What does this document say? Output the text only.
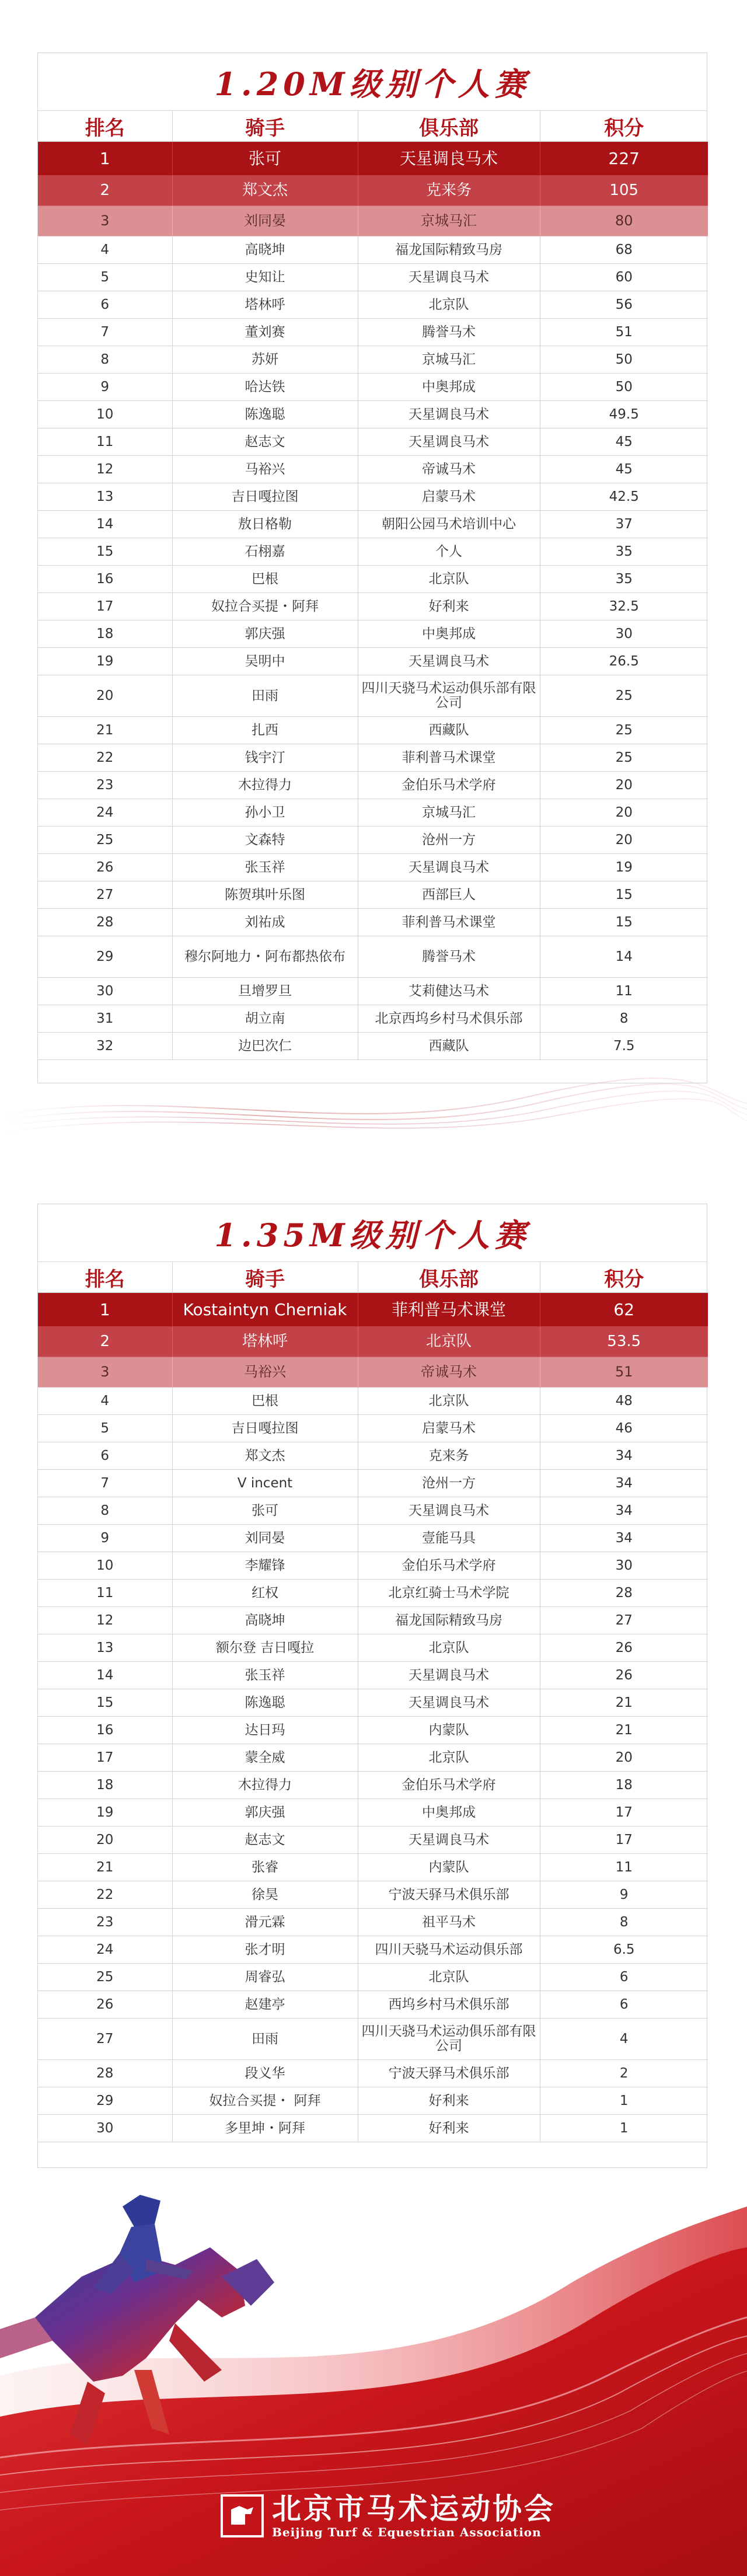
1.20M级别个人赛
排名	骑手	俱乐部	积分
1	张可	天星调良马术	227
2	郑文杰	克来务	105
3	刘同晏	京城马汇	80
4	高晓坤	福龙国际精致马房	68
5	史知让	天星调良马术	60
6	塔林呼	北京队	56
7	董刘赛	腾誉马术	51
8	苏妍	京城马汇	50
9	哈达铁	中奥邦成	50
10	陈逸聪	天星调良马术	49.5
11	赵志文	天星调良马术	45
12	马裕兴	帝诚马术	45
13	吉日嘎拉图	启蒙马术	42.5
14	敖日格勒	朝阳公园马术培训中心	37
15	石栩嘉	个人	35
16	巴根	北京队	35
17	奴拉合买提・阿拜	好利来	32.5
18	郭庆强	中奥邦成	30
19	吴明中	天星调良马术	26.5
20	田雨	四川天骁马术运动俱乐部有限公司	25
21	扎西	西藏队	25
22	钱宇汀	菲利普马术课堂	25
23	木拉得力	金伯乐马术学府	20
24	孙小卫	京城马汇	20
25	文森特	沧州一方	20
26	张玉祥	天星调良马术	19
27	陈贺琪叶乐图	西部巨人	15
28	刘祐成	菲利普马术课堂	15
29	穆尔阿地力・阿布都热依布	腾誉马术	14
30	旦增罗旦	艾莉健达马术	11
31	胡立南	北京西坞乡村马术俱乐部	8
32	边巴次仁	西藏队	7.5
1.35M级别个人赛
排名	骑手	俱乐部	积分
1	Kostaintyn Cherniak	菲利普马术课堂	62
2	塔林呼	北京队	53.5
3	马裕兴	帝诚马术	51
4	巴根	北京队	48
5	吉日嘎拉图	启蒙马术	46
6	郑文杰	克来务	34
7	V incent	沧州一方	34
8	张可	天星调良马术	34
9	刘同晏	壹能马具	34
10	李耀锋	金伯乐马术学府	30
11	红权	北京红骑士马术学院	28
12	高晓坤	福龙国际精致马房	27
13	额尔登 吉日嘎拉	北京队	26
14	张玉祥	天星调良马术	26
15	陈逸聪	天星调良马术	21
16	达日玛	内蒙队	21
17	蒙全威	北京队	20
18	木拉得力	金伯乐马术学府	18
19	郭庆强	中奥邦成	17
20	赵志文	天星调良马术	17
21	张睿	内蒙队	11
22	徐昊	宁波天驿马术俱乐部	9
23	滑元霖	祖平马术	8
24	张才明	四川天骁马术运动俱乐部	6.5
25	周睿弘	北京队	6
26	赵建亭	西坞乡村马术俱乐部	6
27	田雨	四川天骁马术运动俱乐部有限公司	4
28	段义华	宁波天驿马术俱乐部	2
29	奴拉合买提・ 阿拜	好利来	1
30	多里坤・阿拜	好利来	1
北京市马术运动协会
Beijing Turf & Equestrian Association
